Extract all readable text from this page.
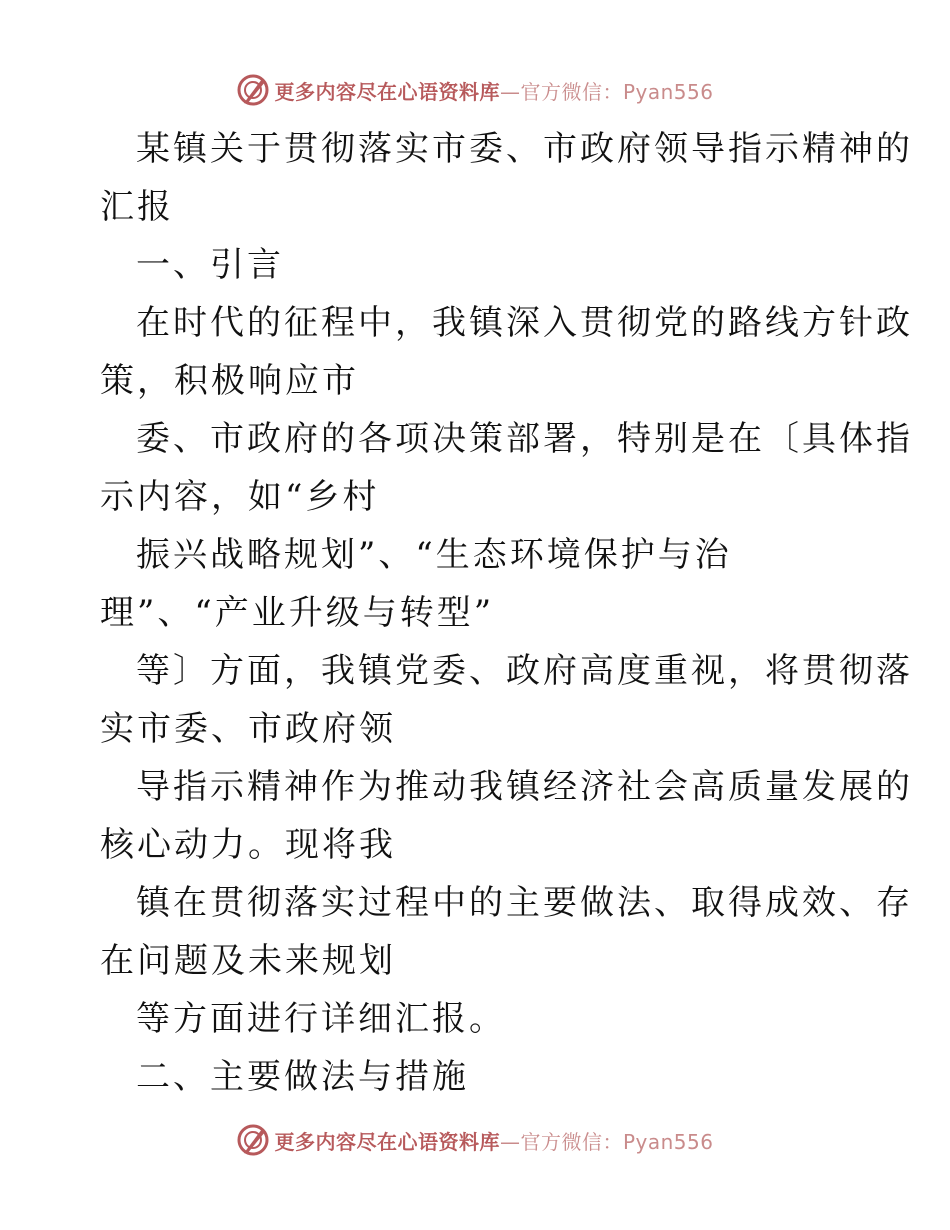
更多内容尽在心语资料库—官方微信：Pyan556

某镇关于贯彻落实市委、市政府领导指示精神的
汇报

一、引言

在时代的征程中，我镇深入贯彻党的路线方针政
策，积极响应市

委、市政府的各项决策部署，特别是在〔具体指
示内容，如“乡村

振兴战略规划”、“生态环境保护与治
理”、“产业升级与转型”

等〕方面，我镇党委、政府高度重视，将贯彻落
实市委、市政府领

导指示精神作为推动我镇经济社会高质量发展的
核心动力。现将我

镇在贯彻落实过程中的主要做法、取得成效、存
在问题及未来规划

等方面进行详细汇报。

二、主要做法与措施

更多内容尽在心语资料库—官方微信：Pyan556
